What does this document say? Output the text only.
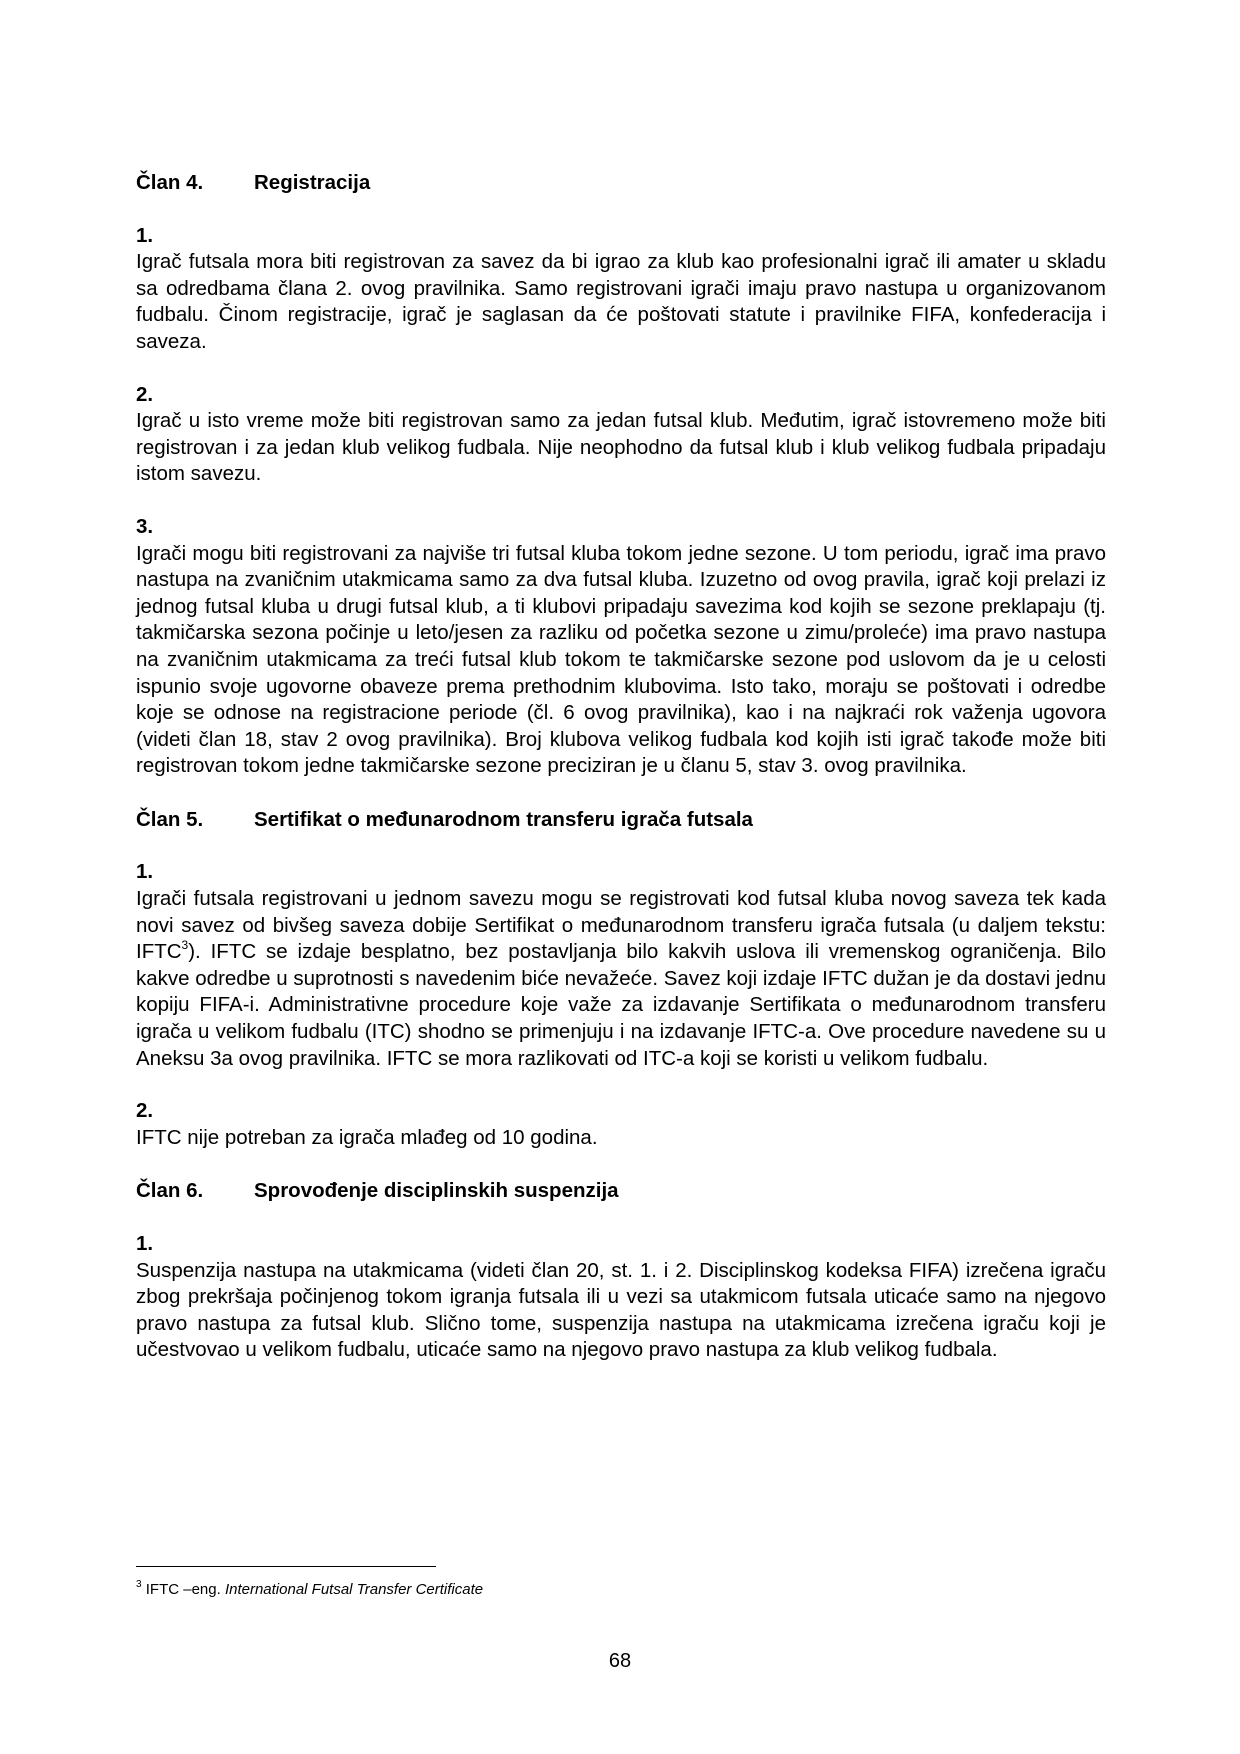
Član 4.	Registracija

1.

Igrač futsala mora biti registrovan za savez da bi igrao za klub kao profesionalni igrač ili amater u skladu sa odredbama člana 2. ovog pravilnika. Samo registrovani igrači imaju pravo nastupa u organizovanom fudbalu. Činom registracije, igrač je saglasan da će poštovati statute i pravilnike FIFA, konfederacija i saveza.

2.

Igrač u isto vreme može biti registrovan samo za jedan futsal klub. Međutim, igrač istovremeno može biti registrovan i za jedan klub velikog fudbala. Nije neophodno da futsal klub i klub velikog fudbala pripadaju istom savezu.

3.

Igrači mogu biti registrovani za najviše tri futsal kluba tokom jedne sezone. U tom periodu, igrač ima pravo nastupa na zvaničnim utakmicama samo za dva futsal kluba. Izuzetno od ovog pravila, igrač koji prelazi iz jednog futsal kluba u drugi futsal klub, a ti klubovi pripadaju savezima kod kojih se sezone preklapaju (tj. takmičarska sezona počinje u leto/jesen za razliku od početka sezone u zimu/proleće) ima pravo nastupa na zvaničnim utakmicama za treći futsal klub tokom te takmičarske sezone pod uslovom da je u celosti ispunio svoje ugovorne obaveze prema prethodnim klubovima. Isto tako, moraju se poštovati i odredbe koje se odnose na registracione periode (čl. 6 ovog pravilnika), kao i na najkraći rok važenja ugovora (videti član 18, stav 2 ovog pravilnika). Broj klubova velikog fudbala kod kojih isti igrač takođe može biti registrovan tokom jedne takmičarske sezone preciziran je u članu 5, stav 3. ovog pravilnika.

Član 5.	Sertifikat o međunarodnom transferu igrača futsala

1.

Igrači futsala registrovani u jednom savezu mogu se registrovati kod futsal kluba novog saveza tek kada novi savez od bivšeg saveza dobije Sertifikat o međunarodnom transferu igrača futsala (u daljem tekstu: IFTC$^3$). IFTC se izdaje besplatno, bez postavljanja bilo kakvih uslova ili vremenskog ograničenja. Bilo kakve odredbe u suprotnosti s navedenim biće nevažeće. Savez koji izdaje IFTC dužan je da dostavi jednu kopiju FIFA-i. Administrativne procedure koje važe za izdavanje Sertifikata o međunarodnom transferu igrača u velikom fudbalu (ITC) shodno se primenjuju i na izdavanje IFTC-a. Ove procedure navedene su u Aneksu 3a ovog pravilnika. IFTC se mora razlikovati od ITC-a koji se koristi u velikom fudbalu.

2.

IFTC nije potreban za igrača mlađeg od 10 godina.

Član 6.	Sprovođenje disciplinskih suspenzija

1.

Suspenzija nastupa na utakmicama (videti član 20, st. 1. i 2. Disciplinskog kodeksa FIFA) izrečena igraču zbog prekršaja počinjenog tokom igranja futsala ili u vezi sa utakmicom futsala uticaće samo na njegovo pravo nastupa za futsal klub. Slično tome, suspenzija nastupa na utakmicama izrečena igraču koji je učestvovao u velikom fudbalu, uticaće samo na njegovo pravo nastupa za klub velikog fudbala.

$^3$ IFTC –eng. International Futsal Transfer Certificate
68
